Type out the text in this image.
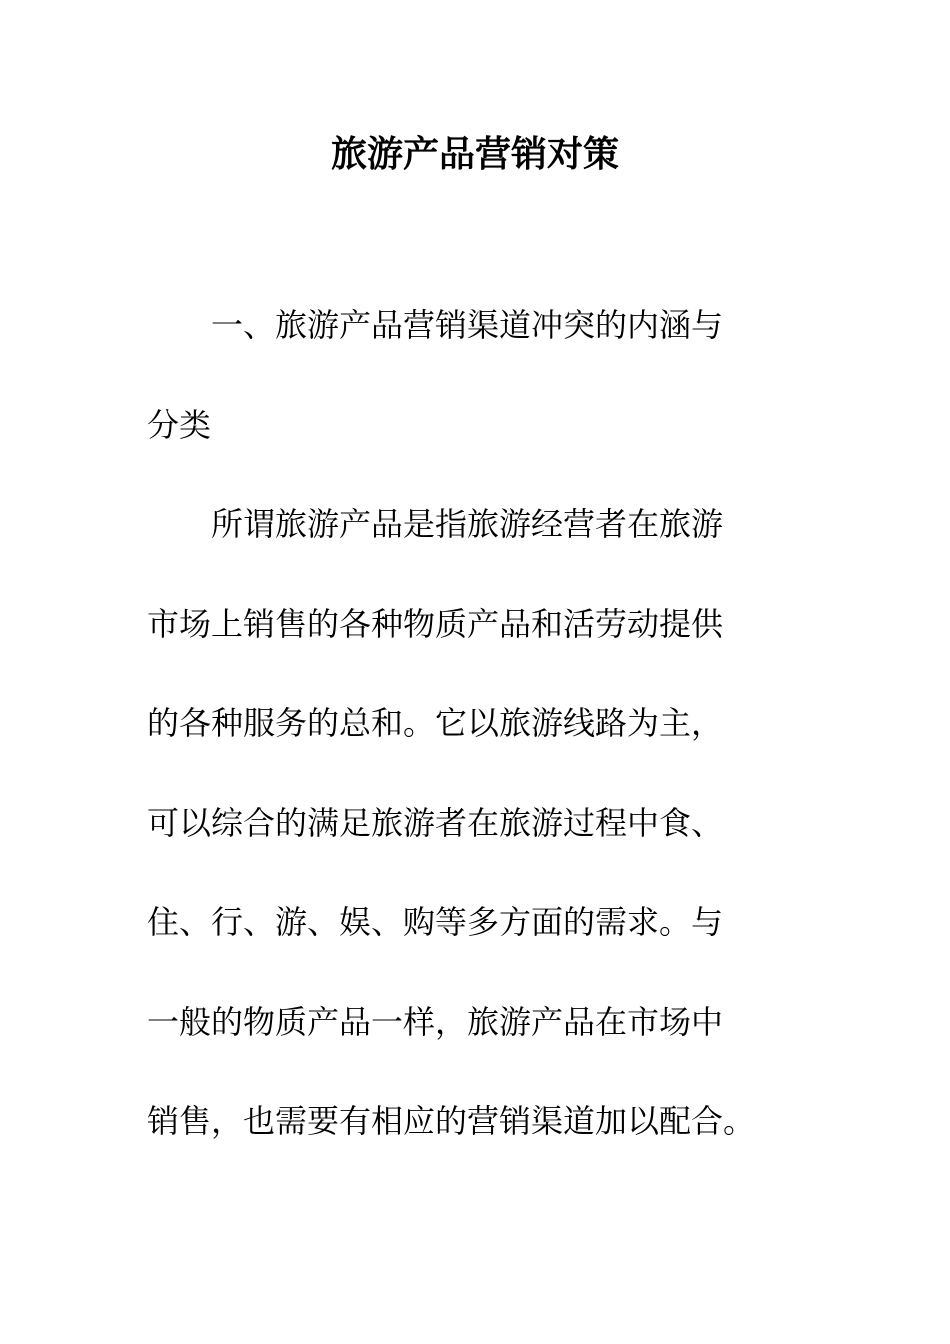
旅游产品营销对策
　　一、旅游产品营销渠道冲突的内涵与
分类
　　所谓旅游产品是指旅游经营者在旅游
市场上销售的各种物质产品和活劳动提供
的各种服务的总和。它以旅游线路为主，
可以综合的满足旅游者在旅游过程中食、
住、行、游、娱、购等多方面的需求。与
一般的物质产品一样，旅游产品在市场中
销售，也需要有相应的营销渠道加以配合。
